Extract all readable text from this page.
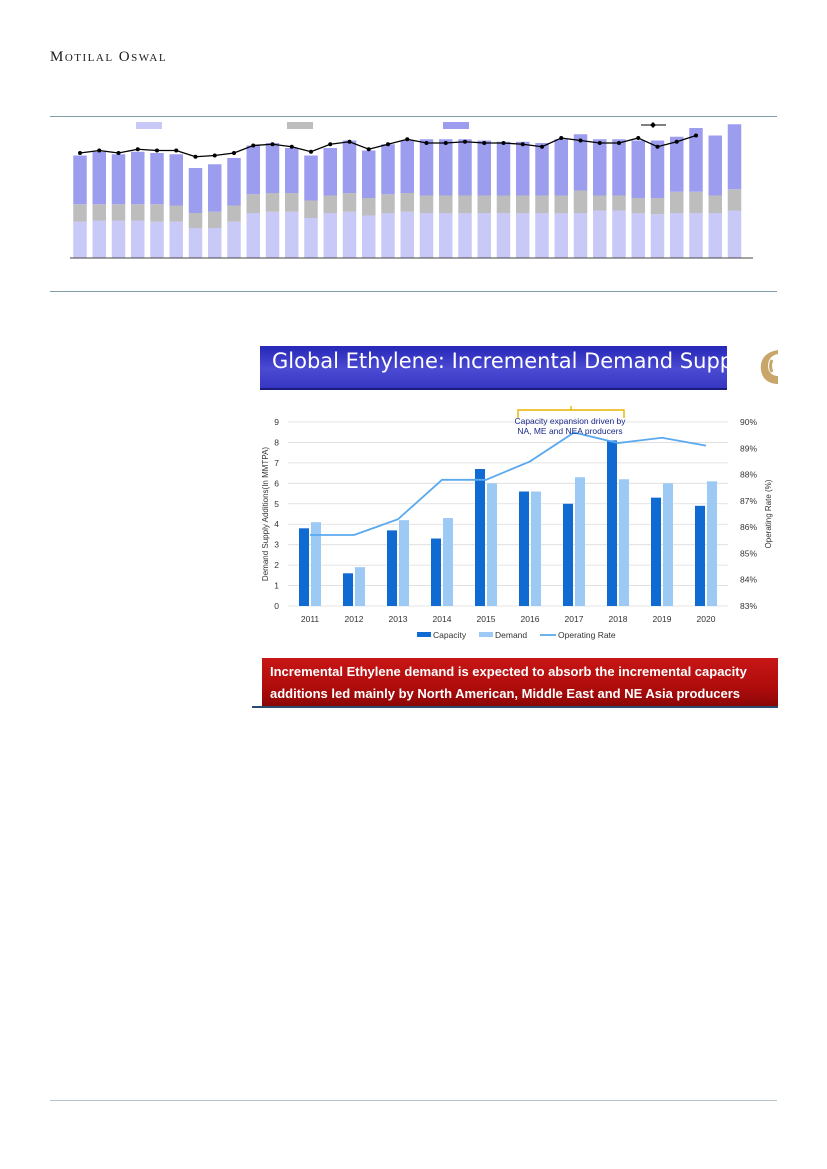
Motilal Oswal
Global Ethylene: Incremental Demand Supply
0
1
2
3
4
5
6
7
8
9
83%
84%
85%
86%
87%
88%
89%
90%
2011	2012	2013	2014	2015	2016	2017	2018	2019	2020
Capacity expansion driven by NA, ME and NEA producers
Demand Supply Additions(In MMTPA)	Operating Rate (%)
Capacity	Demand	Operating Rate
Incremental Ethylene demand is expected to absorb the incremental capacity
additions led mainly by North American, Middle East and NE Asia producers
